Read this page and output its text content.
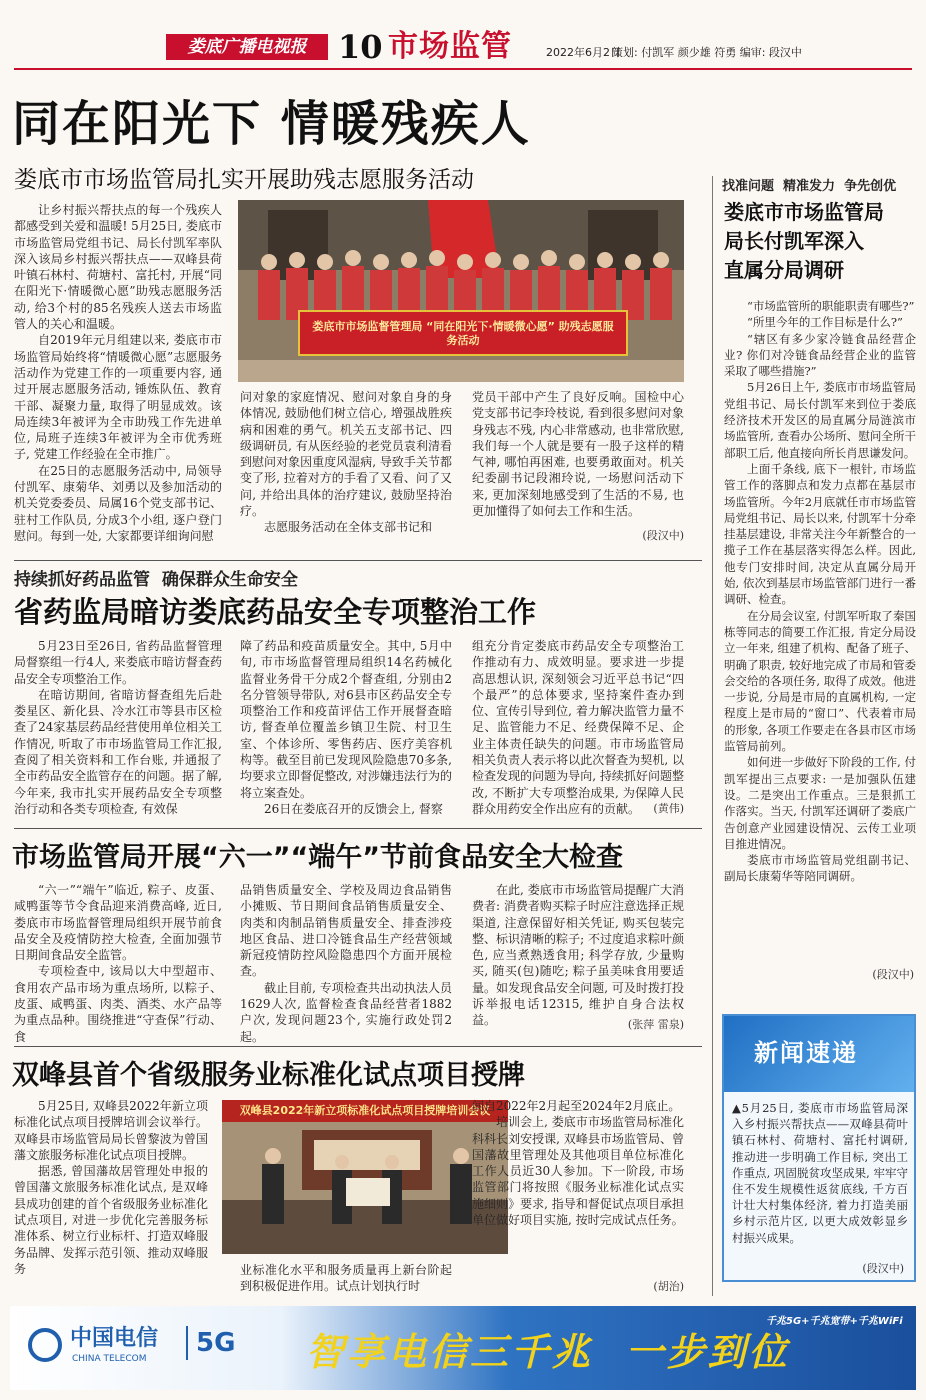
娄底广播电视报 10 市场监管	2022年6月2日
策划: 付凯军 颜少雄 符勇 编审: 段汉中
同在阳光下 情暖残疾人
娄底市市场监管局扎实开展助残志愿服务活动

让乡村振兴帮扶点的每一个残疾人都感受到关爱和温暖! 5月25日, 娄底市市场监管局党组书记、局长付凯军率队深入该局乡村振兴帮扶点——双峰县荷叶镇石林村、荷塘村、富托村, 开展“同在阳光下·情暖微心愿”助残志愿服务活动, 给3个村的85名残疾人送去市场监管人的关心和温暖。

自2019年元月组建以来, 娄底市市场监管局始终将“情暖微心愿”志愿服务活动作为党建工作的一项重要内容, 通过开展志愿服务活动, 锤炼队伍、教育干部、凝聚力量, 取得了明显成效。该局连续3年被评为全市助残工作先进单位, 局班子连续3年被评为全市优秀班子, 党建工作经验在全市推广。

在25日的志愿服务活动中, 局领导付凯军、康菊华、刘勇以及参加活动的机关党委委员、局属16个党支部书记、驻村工作队员, 分成3个小组, 逐户登门慰问。每到一处, 大家都要详细询问慰

娄底市市场监督管理局 “同在阳光下·情暖微心愿” 助残志愿服务活动

问对象的家庭情况、慰问对象自身的身体情况, 鼓励他们树立信心, 增强战胜疾病和困难的勇气。机关五支部书记、四级调研员, 有从医经验的老党员袁利清看到慰问对象因重度风湿病, 导致手关节都变了形, 拉着对方的手看了又看、问了又问, 并给出具体的治疗建议, 鼓励坚持治疗。

志愿服务活动在全体支部书记和

党员干部中产生了良好反响。国检中心党支部书记李玲枝说, 看到很多慰问对象身残志不残, 内心非常感动, 也非常欣慰, 我们每一个人就是要有一股子这样的精气神, 哪怕再困难, 也要勇敢面对。机关纪委副书记段湘玲说, 一场慰问活动下来, 更加深刻地感受到了生活的不易, 也更加懂得了如何去工作和生活。

(段汉中)
持续抓好药品监管  确保群众生命安全
省药监局暗访娄底药品安全专项整治工作

5月23日至26日, 省药品监督管理局督察组一行4人, 来娄底市暗访督查药品安全专项整治工作。

在暗访期间, 省暗访督查组先后赴娄星区、新化县、冷水江市等县市区检查了24家基层药品经营使用单位相关工作情况, 听取了市市场监管局工作汇报, 查阅了相关资料和工作台账, 并通报了全市药品安全监管存在的问题。据了解, 今年来, 我市扎实开展药品安全专项整治行动和各类专项检查, 有效保

障了药品和疫苗质量安全。其中, 5月中旬, 市市场监督管理局组织14名药械化监督业务骨干分成2个督查组, 分别由2名分管领导带队, 对6县市区药品安全专项整治工作和疫苗评估工作开展督查暗访, 督查单位覆盖乡镇卫生院、村卫生室、个体诊所、零售药店、医疗美容机构等。截至目前已发现风险隐患70多条, 均要求立即督促整改, 对涉嫌违法行为的将立案查处。

26日在娄底召开的反馈会上, 督察

组充分肯定娄底市药品安全专项整治工作推动有力、成效明显。要求进一步提高思想认识, 深刻领会习近平总书记“四个最严”的总体要求, 坚持案件查办到位、宣传引导到位, 着力解决监管力量不足、监管能力不足、经费保障不足、企业主体责任缺失的问题。市市场监管局相关负责人表示将以此次督查为契机, 以检查发现的问题为导向, 持续抓好问题整改, 不断扩大专项整治成果, 为保障人民群众用药安全作出应有的贡献。	(黄伟)
市场监管局开展“六一”“端午”节前食品安全大检查

“六一”“端午”临近, 粽子、皮蛋、咸鸭蛋等节令食品迎来消费高峰, 近日, 娄底市市场监督管理局组织开展节前食品安全及疫情防控大检查, 全面加强节日期间食品安全监管。

专项检查中, 该局以大中型超市、食用农产品市场为重点场所, 以粽子、皮蛋、咸鸭蛋、肉类、酒类、水产品等为重点品种。围绕推进“守查保”行动、食

品销售质量安全、学校及周边食品销售小摊贩、节日期间食品销售质量安全、肉类和肉制品销售质量安全、排查涉疫地区食品、进口冷链食品生产经营领域新冠疫情防控风险隐患四个方面开展检查。

截止目前, 专项检查共出动执法人员1629人次, 监督检查食品经营者1882户次, 发现问题23个, 实施行政处罚2起。

在此, 娄底市市场监管局提醒广大消费者: 消费者购买粽子时应注意选择正规渠道, 注意保留好相关凭证, 购买包装完整、标识清晰的粽子; 不过度追求粽叶颜色, 应当煮熟透食用; 科学存放, 少量购买, 随买(包)随吃; 粽子虽美味食用要适量。如发现食品安全问题, 可及时拨打投诉举报电话12315, 维护自身合法权益。	(张萍 雷泉)
双峰县首个省级服务业标准化试点项目授牌

5月25日, 双峰县2022年新立项标准化试点项目授牌培训会议举行。双峰县市场监管局局长曾黎波为曾国藩文旅服务标准化试点项目授牌。

据悉, 曾国藩故居管理处申报的曾国藩文旅服务标准化试点, 是双峰县成功创建的首个省级服务业标准化试点项目, 对进一步优化完善服务标准体系、树立行业标杆、打造双峰服务品牌、发挥示范引领、推动双峰服务

双峰县2022年新立项标准化试点项目授牌培训会议

业标准化水平和服务质量再上新台阶起到积极促进作用。试点计划执行时

间自2022年2月起至2024年2月底止。

培训会上, 娄底市市场监管局标准化科科长刘安授课, 双峰县市场监管局、曾国藩故里管理处及其他项目单位标准化工作人员近30人参加。下一阶段, 市场监管部门将按照《服务业标准化试点实施细则》要求, 指导和督促试点项目承担单位做好项目实施, 按时完成试点任务。

(胡治)
找准问题  精准发力  争先创优
娄底市市场监管局
局长付凯军深入
直属分局调研

“市场监管所的职能职责有哪些?”

“所里今年的工作目标是什么?”

“辖区有多少家冷链食品经营企业? 你们对冷链食品经营企业的监管采取了哪些措施?”

5月26日上午, 娄底市市场监管局党组书记、局长付凯军来到位于娄底经济技术开发区的局直属分局涟滨市场监管所, 查看办公场所、慰问全所干部职工后, 他直接向所长肖思谦发问。

上面千条线, 底下一根针, 市场监管工作的落脚点和发力点都在基层市场监管所。今年2月底就任市市场监管局党组书记、局长以来, 付凯军十分牵挂基层建设, 非常关注今年新整合的一揽子工作在基层落实得怎么样。因此, 他专门安排时间, 决定从直属分局开始, 依次到基层市场监管部门进行一番调研、检查。

在分局会议室, 付凯军听取了秦国栋等同志的简要工作汇报, 肯定分局设立一年来, 组建了机构、配备了班子、明确了职责, 较好地完成了市局和管委会交给的各项任务, 取得了成效。他进一步说, 分局是市局的直属机构, 一定程度上是市局的“窗口”、代表着市局的形象, 各项工作要走在各县市区市场监管局前列。

如何进一步做好下阶段的工作, 付凯军提出三点要求: 一是加强队伍建设。二是突出工作重点。三是狠抓工作落实。当天, 付凯军还调研了娄底广告创意产业园建设情况、云传工业项目推进情况。

娄底市市场监管局党组副书记、副局长康菊华等陪同调研。

(段汉中)
新闻速递

▲5月25日, 娄底市市场监管局深入乡村振兴帮扶点——双峰县荷叶镇石林村、荷塘村、富托村调研, 推动进一步明确工作目标, 突出工作重点, 巩固脱贫攻坚成果, 牢牢守住不发生规模性返贫底线, 千方百计壮大村集体经济, 着力打造美丽乡村示范片区, 以更大成效彰显乡村振兴成果。

(段汉中)
中国电信
CHINA TELECOM
5G
千兆5G+千兆宽带+千兆WiFi
智享电信三千兆  一步到位
